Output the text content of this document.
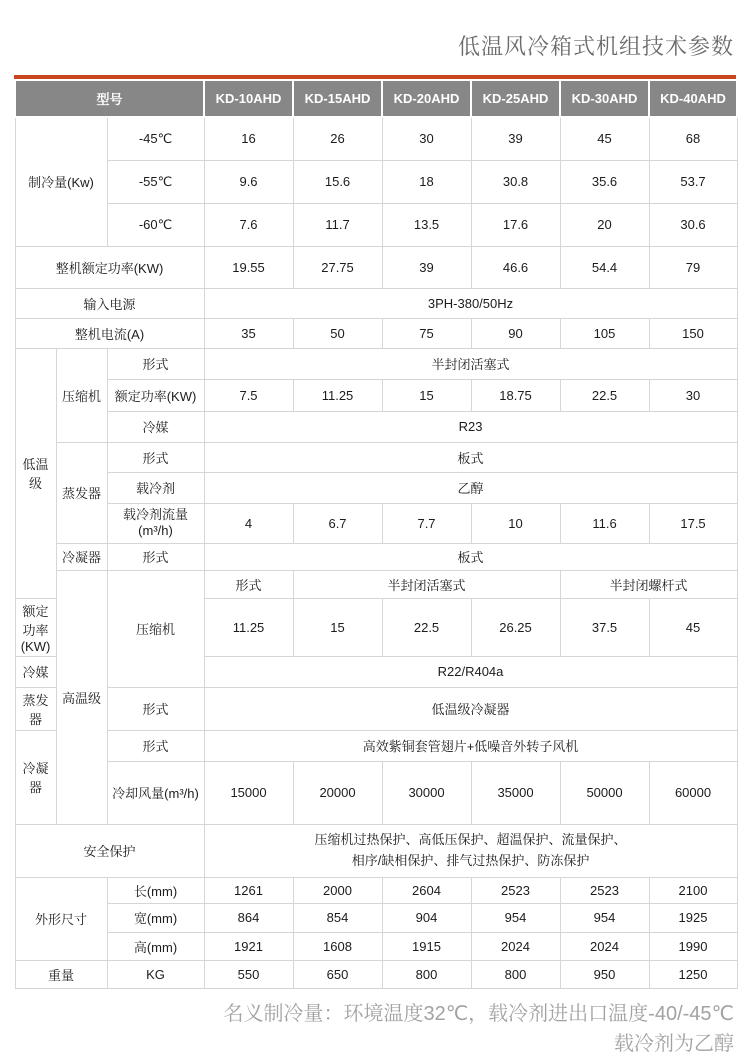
低温风冷箱式机组技术参数
型号			KD-10AHD	KD-15AHD	KD-20AHD	KD-25AHD	KD-30AHD	KD-40AHD
制冷量(Kw)		-45℃	16	26	30	39	45	68
		-55℃	9.6	15.6	18	30.8	35.6	53.7
		-60℃	7.6	11.7	13.5	17.6	20	30.6
整机额定功率(KW)			19.55	27.75	39	46.6	54.4	79
输入电源			3PH-380/50Hz					
整机电流(A)			35	50	75	90	105	150
低温级	压缩机	形式	半封闭活塞式					
		额定功率(KW)	7.5	11.25	15	18.75	22.5	30
		冷媒	R23					
	蒸发器	形式	板式					
		载冷剂	乙醇					
		载冷剂流量(m³/h)	4	6.7	7.7	10	11.6	17.5
	冷凝器	形式	板式					
	高温级	压缩机	形式	半封闭活塞式			半封闭螺杆式	
额定功率(KW)			11.25	15	22.5	26.25	37.5	45
冷媒			R22/R404a					
蒸发器		形式	低温级冷凝器					
冷凝器		形式	高效紫铜套管翅片+低噪音外转子风机					
		冷却风量(m³/h)	15000	20000	30000	35000	50000	60000
安全保护			压缩机过热保护、高低压保护、超温保护、流量保护、
相序/缺相保护、排气过热保护、防冻保护					

外形尺寸		长(mm)	1261	2000	2604	2523	2523	2100
		宽(mm)	864	854	904	954	954	1925
		高(mm)	1921	1608	1915	2024	2024	1990
重量		KG	550	650	800	800	950	1250
名义制冷量：环境温度32℃，载冷剂进出口温度-40/-45℃
载冷剂为乙醇
